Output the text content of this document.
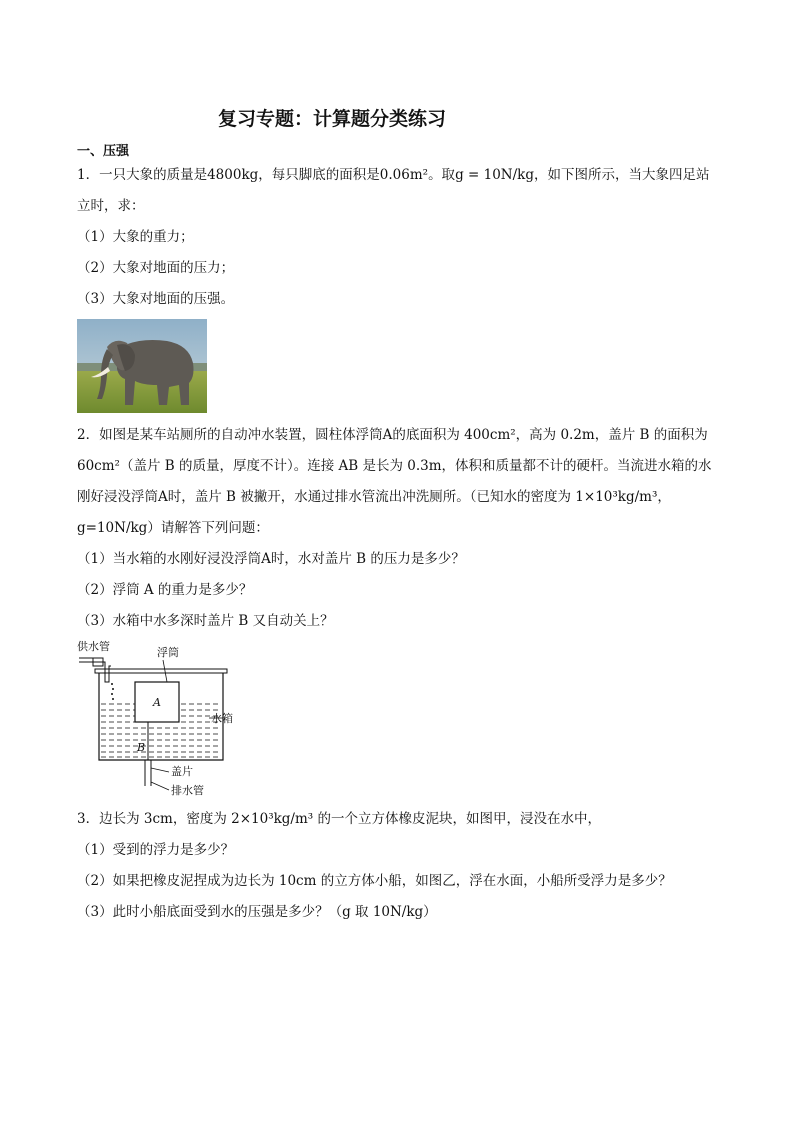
复习专题：计算题分类练习
一、压强
1．一只大象的质量是4800kg，每只脚底的面积是0.06m²。取g = 10N/kg，如下图所示，当大象四足站
立时，求：
（1）大象的重力；
（2）大象对地面的压力；
（3）大象对地面的压强。
2．如图是某车站厕所的自动冲水装置，圆柱体浮筒A的底面积为 400cm²，高为 0.2m，盖片 B 的面积为
60cm²（盖片 B 的质量，厚度不计）。连接 AB 是长为 0.3m，体积和质量都不计的硬杆。当流进水箱的水
刚好浸没浮筒A时，盖片 B 被撇开，水通过排水管流出冲洗厕所。（已知水的密度为 1×10³kg/m³，
g=10N/kg）请解答下列问题：
（1）当水箱的水刚好浸没浮筒A时，水对盖片 B 的压力是多少？
（2）浮筒 A 的重力是多少？
（3）水箱中水多深时盖片 B 又自动关上？
供水管
A
B
浮筒
水箱
盖片
排水管
3．边长为 3cm，密度为 2×10³kg/m³ 的一个立方体橡皮泥块，如图甲，浸没在水中，
（1）受到的浮力是多少？
（2）如果把橡皮泥捏成为边长为 10cm 的立方体小船，如图乙，浮在水面，小船所受浮力是多少？
（3）此时小船底面受到水的压强是多少？（g 取 10N/kg）
